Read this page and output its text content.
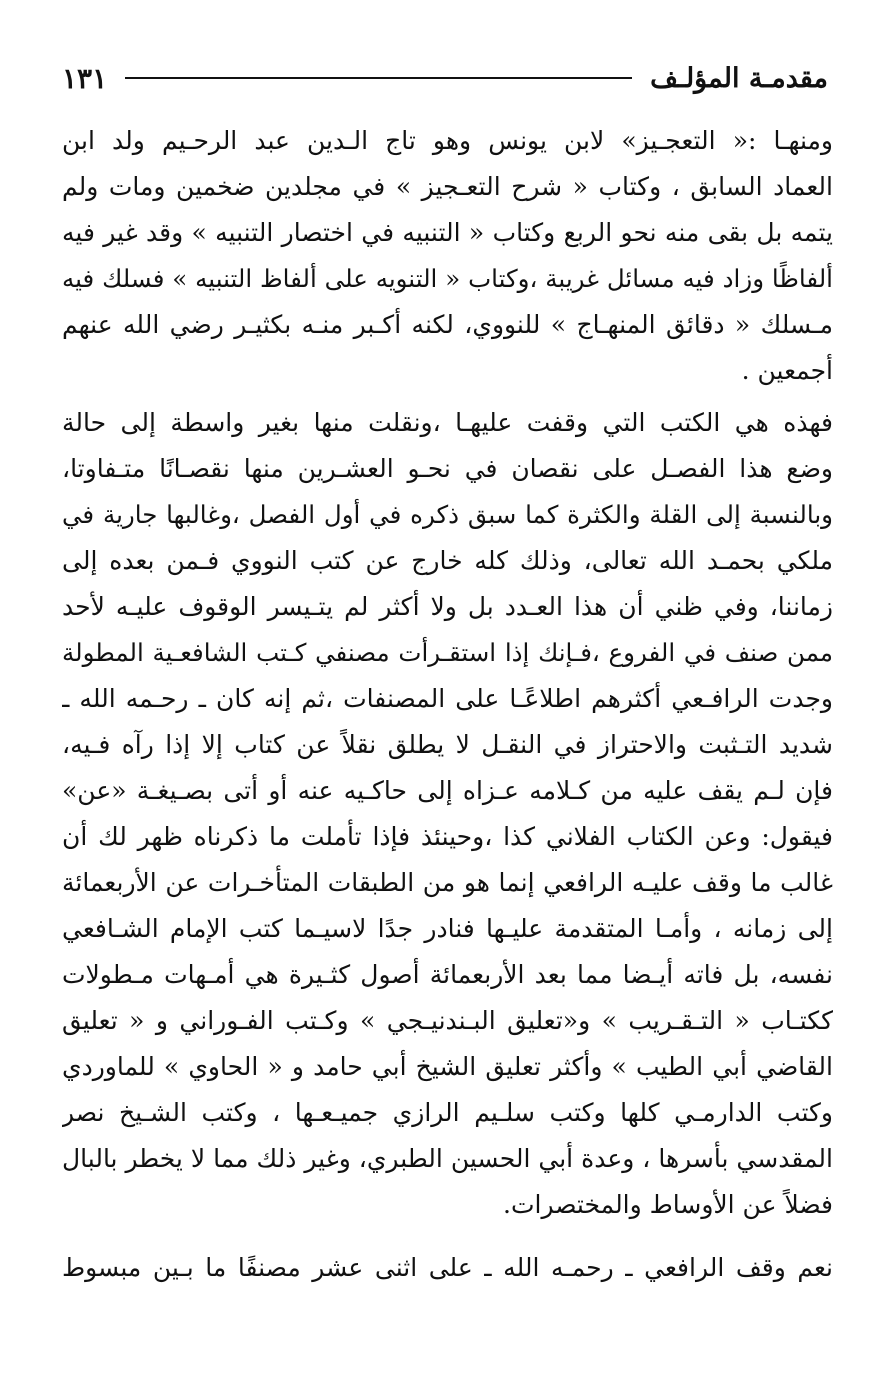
مقدمـة المؤلـف
١٣١
ومنهـا :« التعجـيز» لابن يونس وهو تاج الـدين عبد الرحـيم ولد ابن
العماد السابق ، وكتاب « شرح التعـجيز » في مجلدين ضخمين ومات ولم
يتمه بل بقى منه نحو الربع وكتاب « التنبيه في اختصار التنبيه » وقد غير فيه
ألفاظًا وزاد فيه مسائل غريبة ،وكتاب « التنويه على ألفاظ التنبيه » فسلك فيه
مـسلك « دقائق المنهـاج » للنووي، لكنه أكـبر منـه بكثيـر رضي الله عنهم
أجمعين .
فهذه هي الكتب التي وقفت عليهـا ،ونقلت منها بغير واسطة إلى حالة
وضع هذا الفصـل على نقصان في نحـو العشـرين منها نقصـانًا متـفاوتا،
وبالنسبة إلى القلة والكثرة كما سبق ذكره في أول الفصل ،وغالبها جارية في
ملكي بحمـد الله تعالى، وذلك كله خارج عن كتب النووي فـمن بعده إلى
زماننا، وفي ظني أن هذا العـدد بل ولا أكثر لم يتـيسر الوقوف عليـه لأحد
ممن صنف في الفروع ،فـإنك إذا استقـرأت مصنفي كـتب الشافعـية المطولة
وجدت الرافـعي أكثرهم اطلاعًـا على المصنفات ،ثم إنه كان ـ رحـمه الله ـ
شديد التـثبت والاحتراز في النقـل لا يطلق نقلاً عن كتاب إلا إذا رآه فـيه،
فإن لـم يقف عليه من كـلامه عـزاه إلى حاكـيه عنه أو أتى بصـيغـة «عن»
فيقول: وعن الكتاب الفلاني كذا ،وحينئذ فإذا تأملت ما ذكرناه ظهر لك أن
غالب ما وقف عليـه الرافعي إنما هو من الطبقات المتأخـرات عن الأربعمائة
إلى زمانه ، وأمـا المتقدمة عليـها فنادر جدًا لاسيـما كتب الإمام الشـافعي
نفسه، بل فاته أيـضا مما بعد الأربعمائة أصول كثـيرة هي أمـهات مـطولات
ككتـاب « التـقـريب » و«تعليق البـندنيـجي » وكـتب الفـوراني و « تعليق
القاضي أبي الطيب » وأكثر تعليق الشيخ أبي حامد و « الحاوي » للماوردي
وكتب الدارمـي كلها وكتب سلـيم الرازي جميـعـها ، وكتب الشـيخ نصر
المقدسي بأسرها ، وعدة أبي الحسين الطبري، وغير ذلك مما لا يخطر بالبال
فضلاً عن الأوساط والمختصرات.
نعم وقف الرافعي ـ رحمـه الله ـ على اثنى عشر مصنفًا ما بـين مبسوط
